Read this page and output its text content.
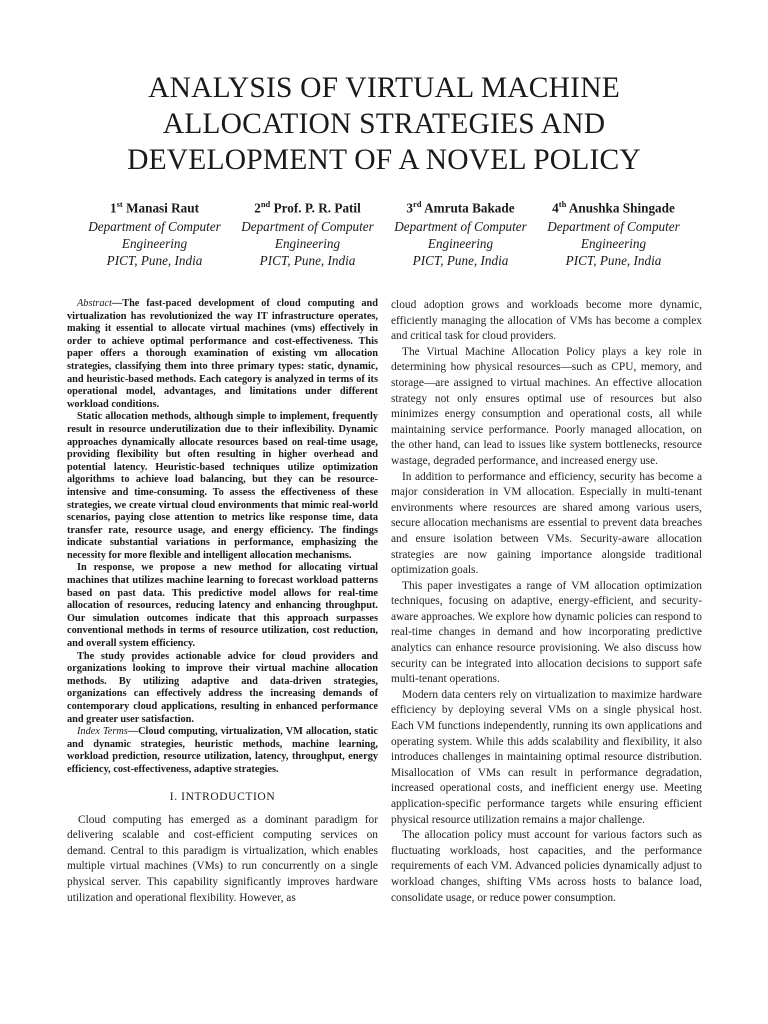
ANALYSIS OF VIRTUAL MACHINE
ALLOCATION STRATEGIES AND
DEVELOPMENT OF A NOVEL POLICY
1st Manasi Raut
Department of Computer
Engineering
PICT, Pune, India
2nd Prof. P. R. Patil
Department of Computer
Engineering
PICT, Pune, India
3rd Amruta Bakade
Department of Computer
Engineering
PICT, Pune, India
4th Anushka Shingade
Department of Computer
Engineering
PICT, Pune, India

Abstract—The fast-paced development of cloud computing and virtualization has revolutionized the way IT infrastructure operates, making it essential to allocate virtual machines (vms) effectively in order to achieve optimal performance and cost-effectiveness. This paper offers a thorough examination of existing vm allocation strategies, classifying them into three primary types: static, dynamic, and heuristic-based methods. Each category is analyzed in terms of its operational model, advantages, and limitations under different workload conditions.

Static allocation methods, although simple to implement, frequently result in resource underutilization due to their inflexibility. Dynamic approaches dynamically allocate resources based on real-time usage, providing flexibility but often resulting in higher overhead and potential latency. Heuristic-based techniques utilize optimization algorithms to achieve load balancing, but they can be resource-intensive and time-consuming. To assess the effectiveness of these strategies, we create virtual cloud environments that mimic real-world scenarios, paying close attention to metrics like response time, data transfer rate, resource usage, and energy efficiency. The findings indicate substantial variations in performance, emphasizing the necessity for more flexible and intelligent allocation mechanisms.

In response, we propose a new method for allocating virtual machines that utilizes machine learning to forecast workload patterns based on past data. This predictive model allows for real-time allocation of resources, reducing latency and enhancing throughput. Our simulation outcomes indicate that this approach surpasses conventional methods in terms of resource utilization, cost reduction, and overall system efficiency.

The study provides actionable advice for cloud providers and organizations looking to improve their virtual machine allocation methods. By utilizing adaptive and data-driven strategies, organizations can effectively address the increasing demands of contemporary cloud applications, resulting in enhanced performance and greater user satisfaction.

Index Terms—Cloud computing, virtualization, VM allocation, static and dynamic strategies, heuristic methods, machine learning, workload prediction, resource utilization, latency, throughput, energy efficiency, cost-effectiveness, adaptive strategies.

I. INTRODUCTION

Cloud computing has emerged as a dominant paradigm for delivering scalable and cost-efficient computing services on demand. Central to this paradigm is virtualization, which enables multiple virtual machines (VMs) to run concurrently on a single physical server. This capability significantly improves hardware utilization and operational flexibility. However, as

cloud adoption grows and workloads become more dynamic, efficiently managing the allocation of VMs has become a complex and critical task for cloud providers.

The Virtual Machine Allocation Policy plays a key role in determining how physical resources—such as CPU, memory, and storage—are assigned to virtual machines. An effective allocation strategy not only ensures optimal use of resources but also minimizes energy consumption and operational costs, all while maintaining service performance. Poorly managed allocation, on the other hand, can lead to issues like system bottlenecks, resource wastage, degraded performance, and increased energy use.

In addition to performance and efficiency, security has become a major consideration in VM allocation. Especially in multi-tenant environments where resources are shared among various users, secure allocation mechanisms are essential to prevent data breaches and ensure isolation between VMs. Security-aware allocation strategies are now gaining importance alongside traditional optimization goals.

This paper investigates a range of VM allocation optimization techniques, focusing on adaptive, energy-efficient, and security-aware approaches. We explore how dynamic policies can respond to real-time changes in demand and how incorporating predictive analytics can enhance resource provisioning. We also discuss how security can be integrated into allocation decisions to support safe multi-tenant operations.

Modern data centers rely on virtualization to maximize hardware efficiency by deploying several VMs on a single physical host. Each VM functions independently, running its own applications and operating system. While this adds scalability and flexibility, it also introduces challenges in maintaining optimal resource distribution. Misallocation of VMs can result in performance degradation, increased operational costs, and inefficient energy use. Meeting application-specific performance targets while ensuring efficient physical resource utilization remains a major challenge.

The allocation policy must account for various factors such as fluctuating workloads, host capacities, and the performance requirements of each VM. Advanced policies dynamically adjust to workload changes, shifting VMs across hosts to balance load, consolidate usage, or reduce power consumption.
